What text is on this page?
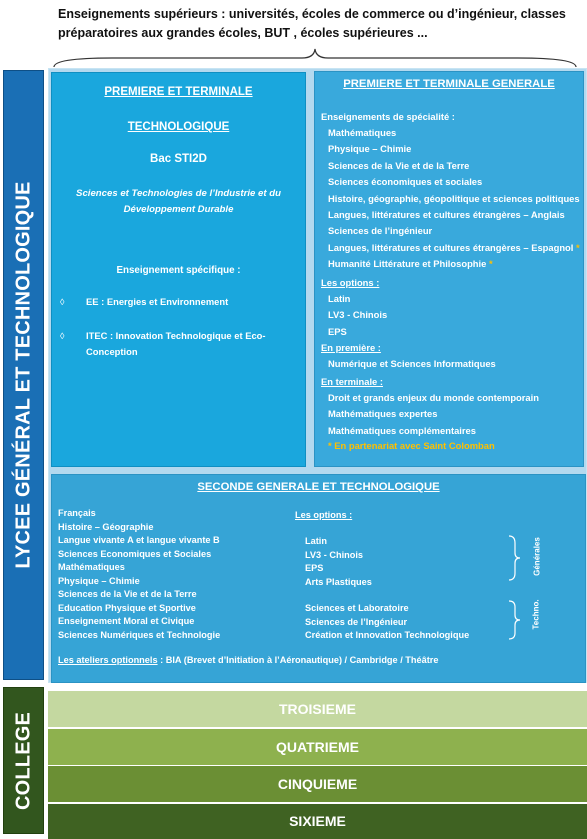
Enseignements supérieurs : universités, écoles de commerce ou d’ingénieur, classes
préparatoires aux grandes écoles, BUT , écoles supérieures ...
LYCEE GÉNÉRAL ET TECHNOLOGIQUE
COLLEGE
PREMIERE ET TERMINALE
TECHNOLOGIQUE
Bac STI2D
Sciences et Technologies de l’Industrie et du
Développement Durable
Enseignement spécifique :
◊ EE : Energies et Environnement
◊ ITEC : Innovation Technologique et Eco-
Conception
PREMIERE ET TERMINALE GENERALE
Enseignements de spécialité :
Mathématiques
Physique – Chimie
Sciences de la Vie et de la Terre
Sciences économiques et sociales
Histoire, géographie, géopolitique et sciences politiques
Langues, littératures et cultures étrangères – Anglais
Sciences de l’ingénieur
Langues, littératures et cultures étrangères – Espagnol *
Humanité Littérature et Philosophie *
Les options :
Latin
LV3 - Chinois
EPS
En première :
Numérique et Sciences Informatiques
En terminale :
Droit et grands enjeux du monde contemporain
Mathématiques expertes
Mathématiques complémentaires
* En partenariat avec Saint Colomban
SECONDE GENERALE ET TECHNOLOGIQUE
Français
Histoire – Géographie
Langue vivante A et langue vivante B
Sciences Economiques et Sociales
Mathématiques
Physique – Chimie
Sciences de la Vie et de la Terre
Education Physique et Sportive
Enseignement Moral et Civique
Sciences Numériques et Technologie
Les options :
Latin
LV3 - Chinois
EPS
Arts Plastiques
Sciences et Laboratoire
Sciences de l’Ingénieur
Création et Innovation Technologique
Générales
Techno.
Les ateliers optionnels : BIA (Brevet d’Initiation à l’Aéronautique) / Cambridge / Théâtre
TROISIEME
QUATRIEME
CINQUIEME
SIXIEME
